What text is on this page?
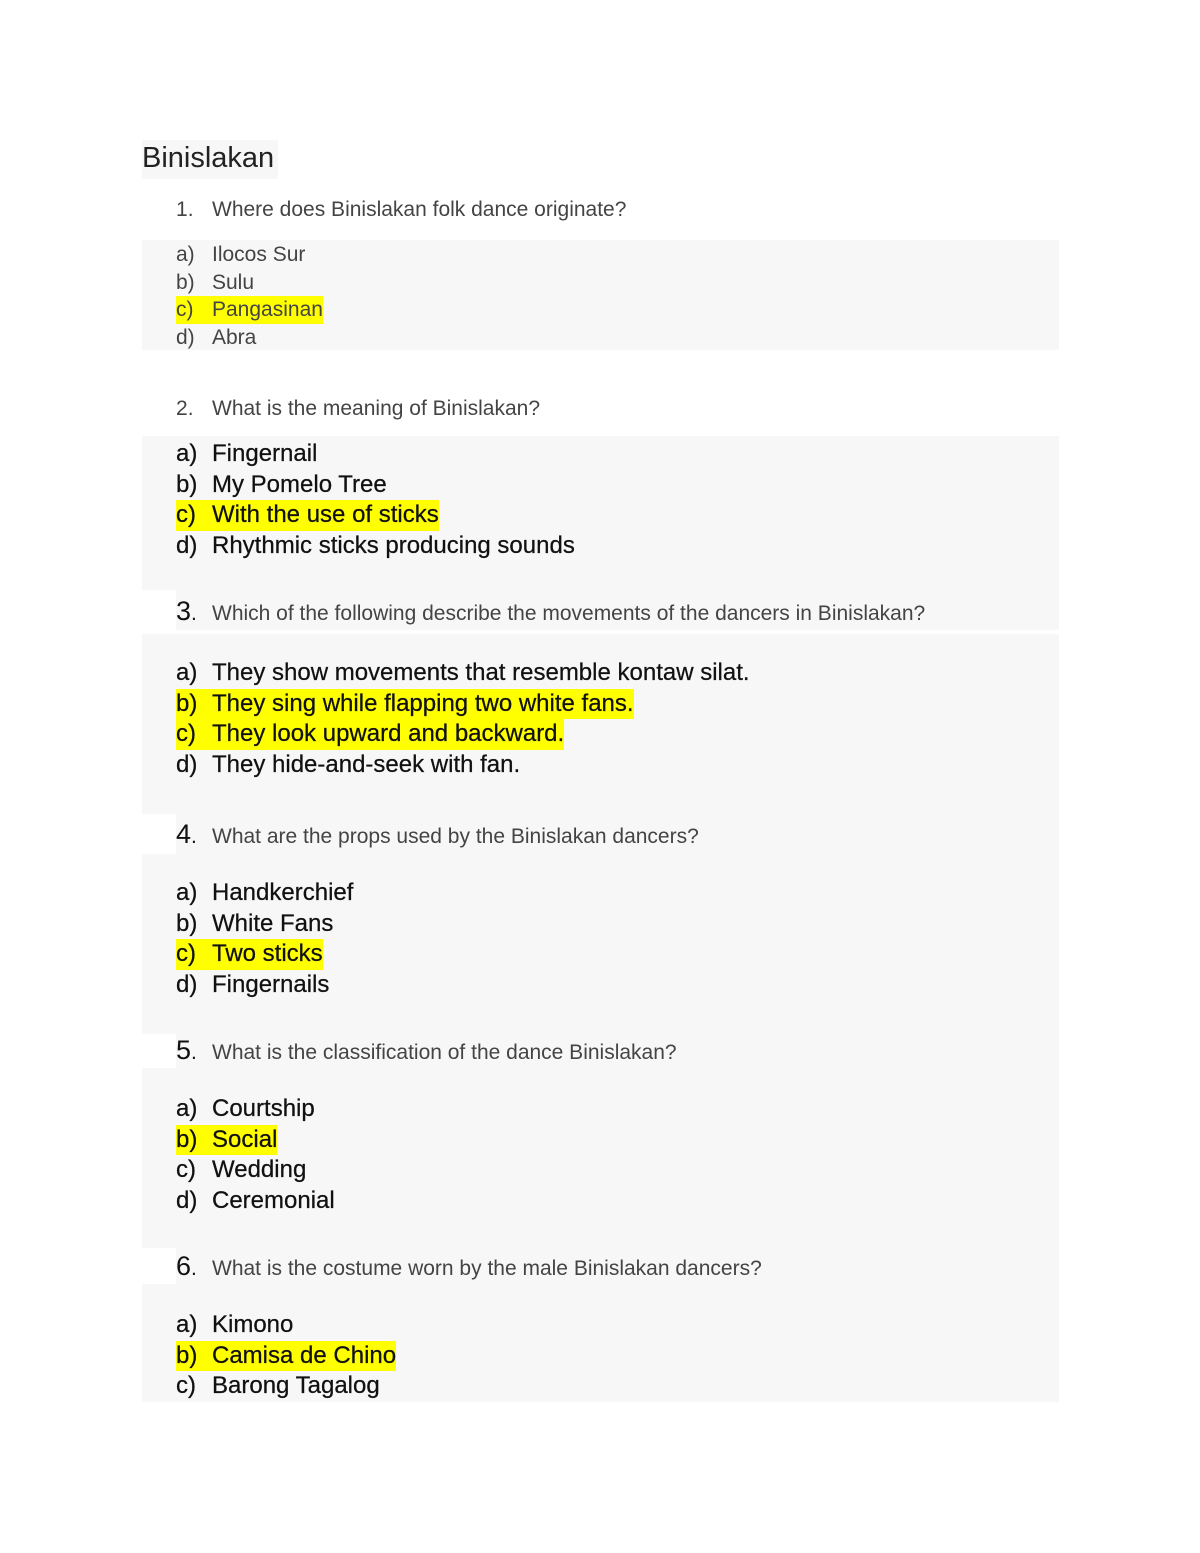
Binislakan
1. Where does Binislakan folk dance originate?
a) Ilocos Sur
b) Sulu
c) Pangasinan
d) Abra
2. What is the meaning of Binislakan?
a) Fingernail
b) My Pomelo Tree
c) With the use of sticks
d) Rhythmic sticks producing sounds
3. Which of the following describe the movements of the dancers in Binislakan?
a) They show movements that resemble kontaw silat.
b) They sing while flapping two white fans.
c) They look upward and backward.
d) They hide-and-seek with fan.
4. What are the props used by the Binislakan dancers?
a) Handkerchief
b) White Fans
c) Two sticks
d) Fingernails
5. What is the classification of the dance Binislakan?
a) Courtship
b) Social
c) Wedding
d) Ceremonial
6. What is the costume worn by the male Binislakan dancers?
a) Kimono
b) Camisa de Chino
c) Barong Tagalog
